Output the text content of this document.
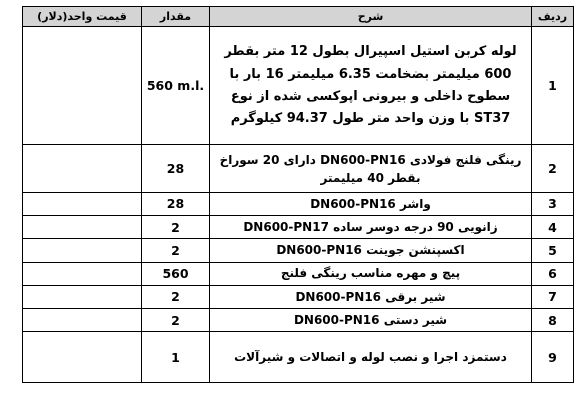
ردیف	شرح	مقدار	قیمت واحد(دلار)
1	لوله کربن استیل اسپیرال بطول 12 متر بقطر 600 میلیمتر بضخامت 6.35 میلیمتر 16 بار با سطوح داخلی و بیرونی اپوکسی شده از نوع ST37 با وزن واحد متر طول 94.37 کیلوگرم	560 m.l.	
2	رینگی فلنج فولادی DN600-PN16 دارای 20 سوراخ بقطر 40 میلیمتر	28	
3	واشر DN600-PN16	28	
4	زانویی 90 درجه دوسر ساده DN600-PN17	2	
5	اکسپنشن جوینت DN600-PN16	2	
6	پیچ و مهره مناسب رینگی فلنج	560	
7	شیر برقی DN600-PN16	2	
8	شیر دستی DN600-PN16	2	
9	دستمزد اجرا و نصب لوله و اتصالات و شیرآلات	1	
